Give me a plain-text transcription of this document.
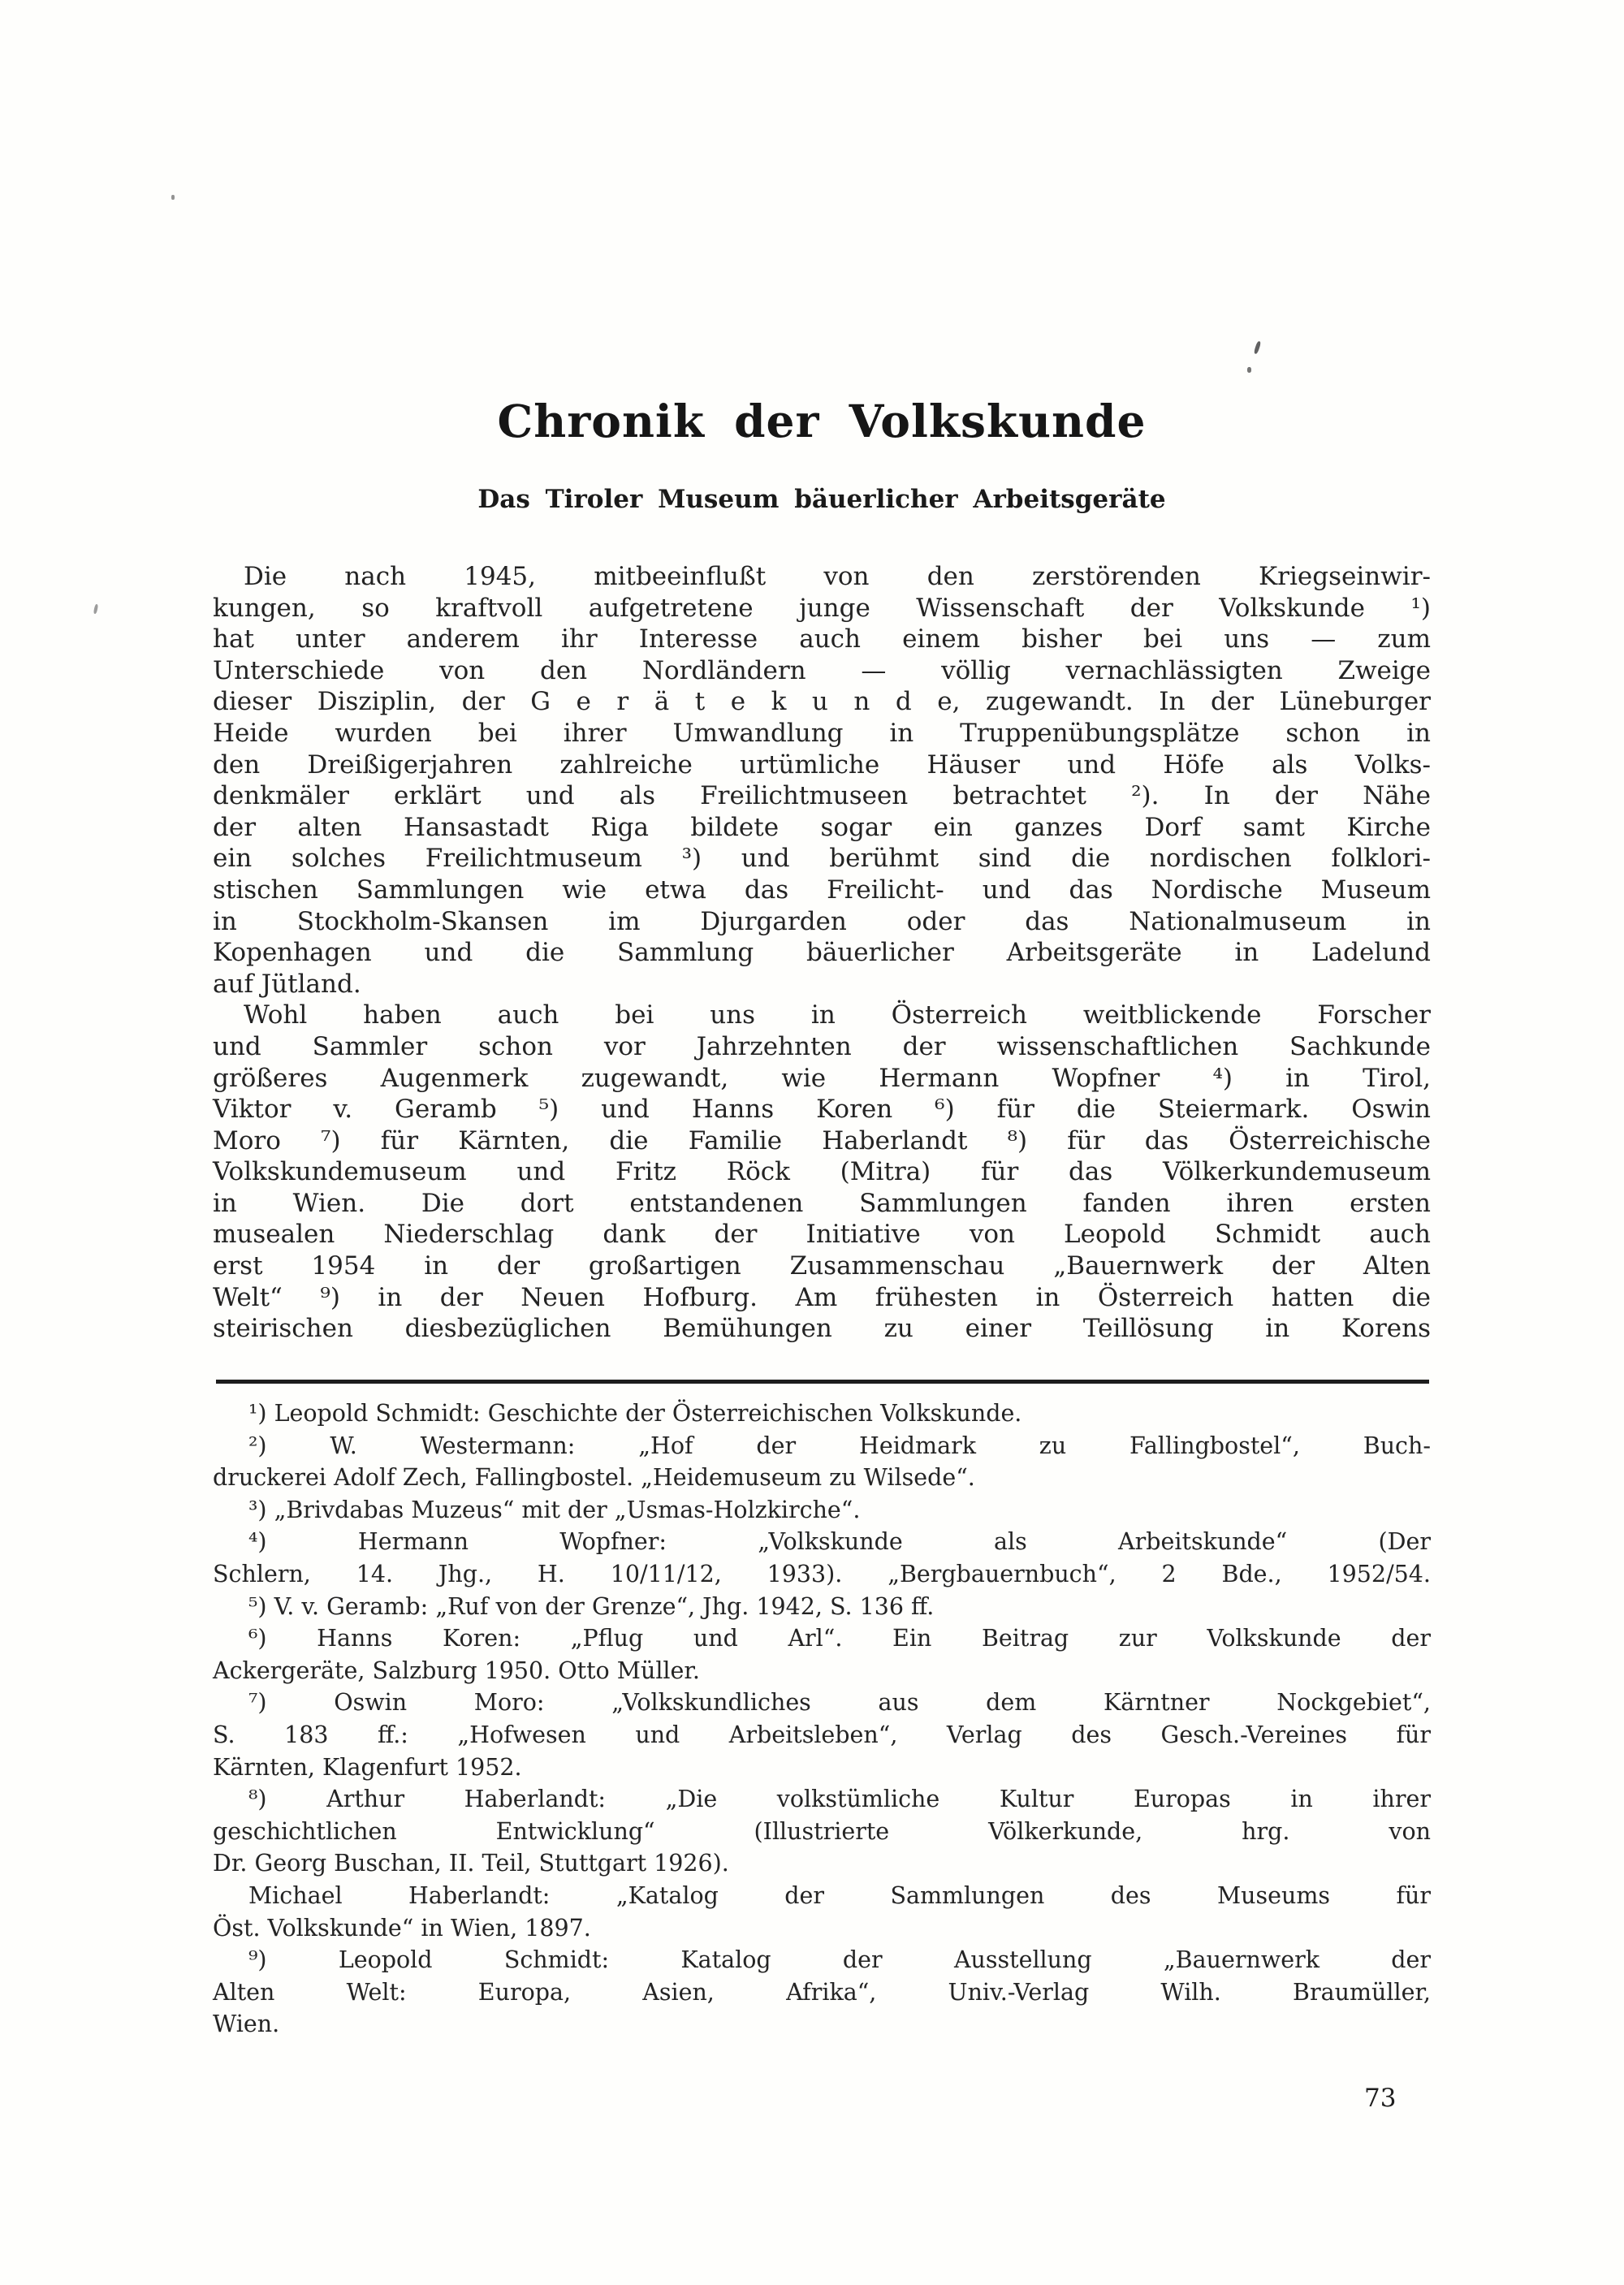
Chronik der Volkskunde
Das Tiroler Museum bäuerlicher Arbeitsgeräte
Die nach 1945, mitbeeinflußt von den zerstörenden Kriegseinwir-
kungen, so kraftvoll aufgetretene junge Wissenschaft der Volkskunde ¹)
hat unter anderem ihr Interesse auch einem bisher bei uns — zum
Unterschiede von den Nordländern — völlig vernachlässigten Zweige
dieser Disziplin, der G e r ä t e k u n d e, zugewandt. In der Lüneburger
Heide wurden bei ihrer Umwandlung in Truppenübungsplätze schon in
den Dreißigerjahren zahlreiche urtümliche Häuser und Höfe als Volks-
denkmäler erklärt und als Freilichtmuseen betrachtet ²). In der Nähe
der alten Hansastadt Riga bildete sogar ein ganzes Dorf samt Kirche
ein solches Freilichtmuseum ³) und berühmt sind die nordischen folklori-
stischen Sammlungen wie etwa das Freilicht- und das Nordische Museum
in Stockholm-Skansen im Djurgarden oder das Nationalmuseum in
Kopenhagen und die Sammlung bäuerlicher Arbeitsgeräte in Ladelund
auf Jütland.
Wohl haben auch bei uns in Österreich weitblickende Forscher
und Sammler schon vor Jahrzehnten der wissenschaftlichen Sachkunde
größeres Augenmerk zugewandt, wie Hermann Wopfner ⁴) in Tirol,
Viktor v. Geramb ⁵) und Hanns Koren ⁶) für die Steiermark. Oswin
Moro ⁷) für Kärnten, die Familie Haberlandt ⁸) für das Österreichische
Volkskundemuseum und Fritz Röck (Mitra) für das Völkerkundemuseum
in Wien. Die dort entstandenen Sammlungen fanden ihren ersten
musealen Niederschlag dank der Initiative von Leopold Schmidt auch
erst 1954 in der großartigen Zusammenschau „Bauernwerk der Alten
Welt“ ⁹) in der Neuen Hofburg. Am frühesten in Österreich hatten die
steirischen diesbezüglichen Bemühungen zu einer Teillösung in Korens
¹) Leopold Schmidt: Geschichte der Österreichischen Volkskunde.
²) W. Westermann: „Hof der Heidmark zu Fallingbostel“, Buch-
druckerei Adolf Zech, Fallingbostel. „Heidemuseum zu Wilsede“.
³) „Brivdabas Muzeus“ mit der „Usmas-Holzkirche“.
⁴) Hermann Wopfner: „Volkskunde als Arbeitskunde“ (Der
Schlern, 14. Jhg., H. 10/11/12, 1933). „Bergbauernbuch“, 2 Bde., 1952/54.
⁵) V. v. Geramb: „Ruf von der Grenze“, Jhg. 1942, S. 136 ff.
⁶) Hanns Koren: „Pflug und Arl“. Ein Beitrag zur Volkskunde der
Ackergeräte, Salzburg 1950. Otto Müller.
⁷) Oswin Moro: „Volkskundliches aus dem Kärntner Nockgebiet“,
S. 183 ff.: „Hofwesen und Arbeitsleben“, Verlag des Gesch.-Vereines für
Kärnten, Klagenfurt 1952.
⁸) Arthur Haberlandt: „Die volkstümliche Kultur Europas in ihrer
geschichtlichen Entwicklung“ (Illustrierte Völkerkunde, hrg. von
Dr. Georg Buschan, II. Teil, Stuttgart 1926).
Michael Haberlandt: „Katalog der Sammlungen des Museums für
Öst. Volkskunde“ in Wien, 1897.
⁹) Leopold Schmidt: Katalog der Ausstellung „Bauernwerk der
Alten Welt: Europa, Asien, Afrika“, Univ.-Verlag Wilh. Braumüller,
Wien.
73
